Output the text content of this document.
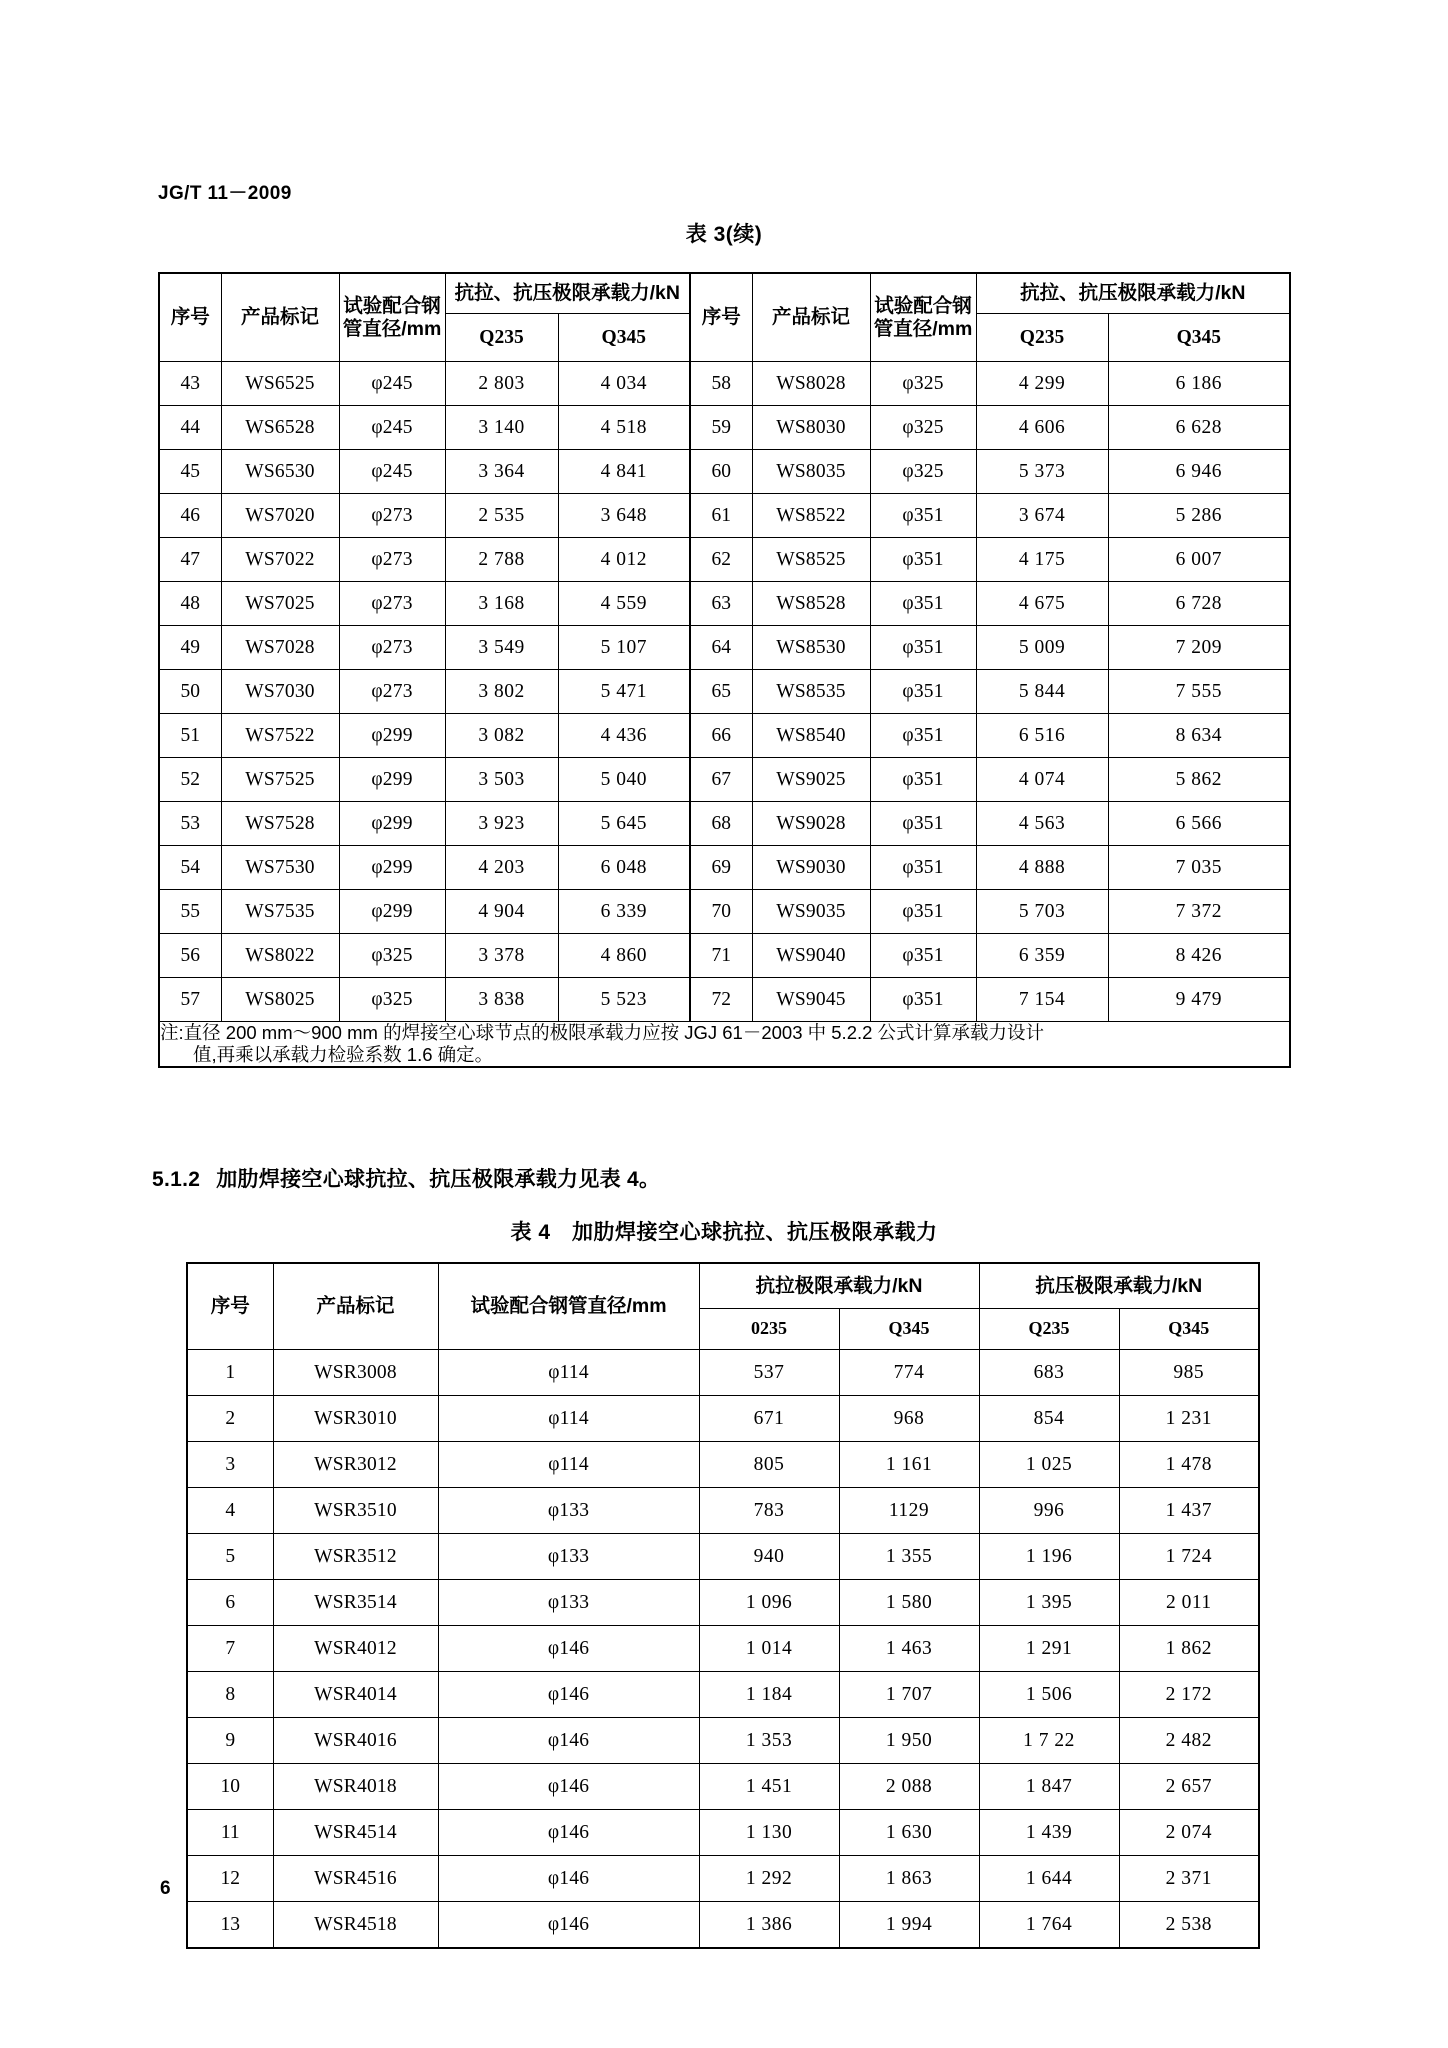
JG/T 11－2009
表 3(续)
序号	产品标记	
试验配合钢
管直径/mm
	抗拉、抗压极限承载力/kN	序号	产品标记	
试验配合钢
管直径/mm
	抗拉、抗压极限承载力/kN
			Q235	Q345				Q235	Q345
43	WS6525	φ245	2 803	4 034	58	WS8028	φ325	4 299	6 186
44	WS6528	φ245	3 140	4 518	59	WS8030	φ325	4 606	6 628
45	WS6530	φ245	3 364	4 841	60	WS8035	φ325	5 373	6 946
46	WS7020	φ273	2 535	3 648	61	WS8522	φ351	3 674	5 286
47	WS7022	φ273	2 788	4 012	62	WS8525	φ351	4 175	6 007
48	WS7025	φ273	3 168	4 559	63	WS8528	φ351	4 675	6 728
49	WS7028	φ273	3 549	5 107	64	WS8530	φ351	5 009	7 209
50	WS7030	φ273	3 802	5 471	65	WS8535	φ351	5 844	7 555
51	WS7522	φ299	3 082	4 436	66	WS8540	φ351	6 516	8 634
52	WS7525	φ299	3 503	5 040	67	WS9025	φ351	4 074	5 862
53	WS7528	φ299	3 923	5 645	68	WS9028	φ351	4 563	6 566
54	WS7530	φ299	4 203	6 048	69	WS9030	φ351	4 888	7 035
55	WS7535	φ299	4 904	6 339	70	WS9035	φ351	5 703	7 372
56	WS8022	φ325	3 378	4 860	71	WS9040	φ351	6 359	8 426
57	WS8025	φ325	3 838	5 523	72	WS9045	φ351	7 154	9 479
注:直径 200 mm～900 mm 的焊接空心球节点的极限承载力应按 JGJ 61－2003 中 5.2.2 公式计算承载力设计
值,再乘以承载力检验系数 1.6 确定。									
5.1.2 加肋焊接空心球抗拉、抗压极限承载力见表 4。
表 4　加肋焊接空心球抗拉、抗压极限承载力
序号	产品标记	试验配合钢管直径/mm	抗拉极限承载力/kN		抗压极限承载力/kN	
			0235	Q345	Q235	Q345
1	WSR3008	φ114	537	774	683	985
2	WSR3010	φ114	671	968	854	1 231
3	WSR3012	φ114	805	1 161	1 025	1 478
4	WSR3510	φ133	783	1129	996	1 437
5	WSR3512	φ133	940	1 355	1 196	1 724
6	WSR3514	φ133	1 096	1 580	1 395	2 011
7	WSR4012	φ146	1 014	1 463	1 291	1 862
8	WSR4014	φ146	1 184	1 707	1 506	2 172
9	WSR4016	φ146	1 353	1 950	1 7 22	2 482
10	WSR4018	φ146	1 451	2 088	1 847	2 657
11	WSR4514	φ146	1 130	1 630	1 439	2 074
12	WSR4516	φ146	1 292	1 863	1 644	2 371
13	WSR4518	φ146	1 386	1 994	1 764	2 538
6
